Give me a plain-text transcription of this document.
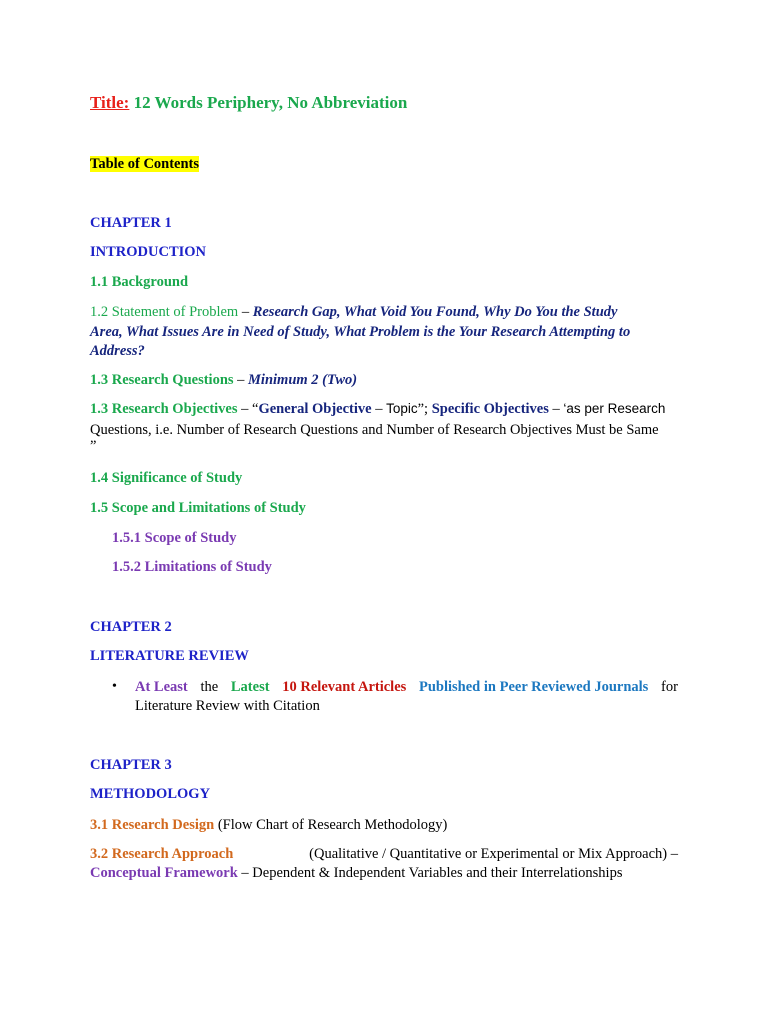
Title: 12 Words Periphery, No Abbreviation
Table of Contents
CHAPTER 1
INTRODUCTION
1.1 Background
1.2 Statement of Problem – Research Gap, What Void You Found, Why Do You the Study
Area, What Issues Are in Need of Study, What Problem is the Your Research Attempting to
Address?
1.3 Research Questions – Minimum 2 (Two)
1.3 Research Objectives – “General Objective – Topic”; Specific Objectives – ‘as per Research
Questions, i.e. Number of Research Questions and Number of Research Objectives Must be Same
”
1.4 Significance of Study
1.5 Scope and Limitations of Study
1.5.1 Scope of Study
1.5.2 Limitations of Study
CHAPTER 2
LITERATURE REVIEW
• At Least the Latest 10 Relevant Articles Published in Peer Reviewed Journals for
Literature Review with Citation
CHAPTER 3
METHODOLOGY
3.1 Research Design (Flow Chart of Research Methodology)
3.2 Research Approach	(Qualitative / Quantitative or Experimental or Mix Approach) –
Conceptual Framework – Dependent & Independent Variables and their Interrelationships
